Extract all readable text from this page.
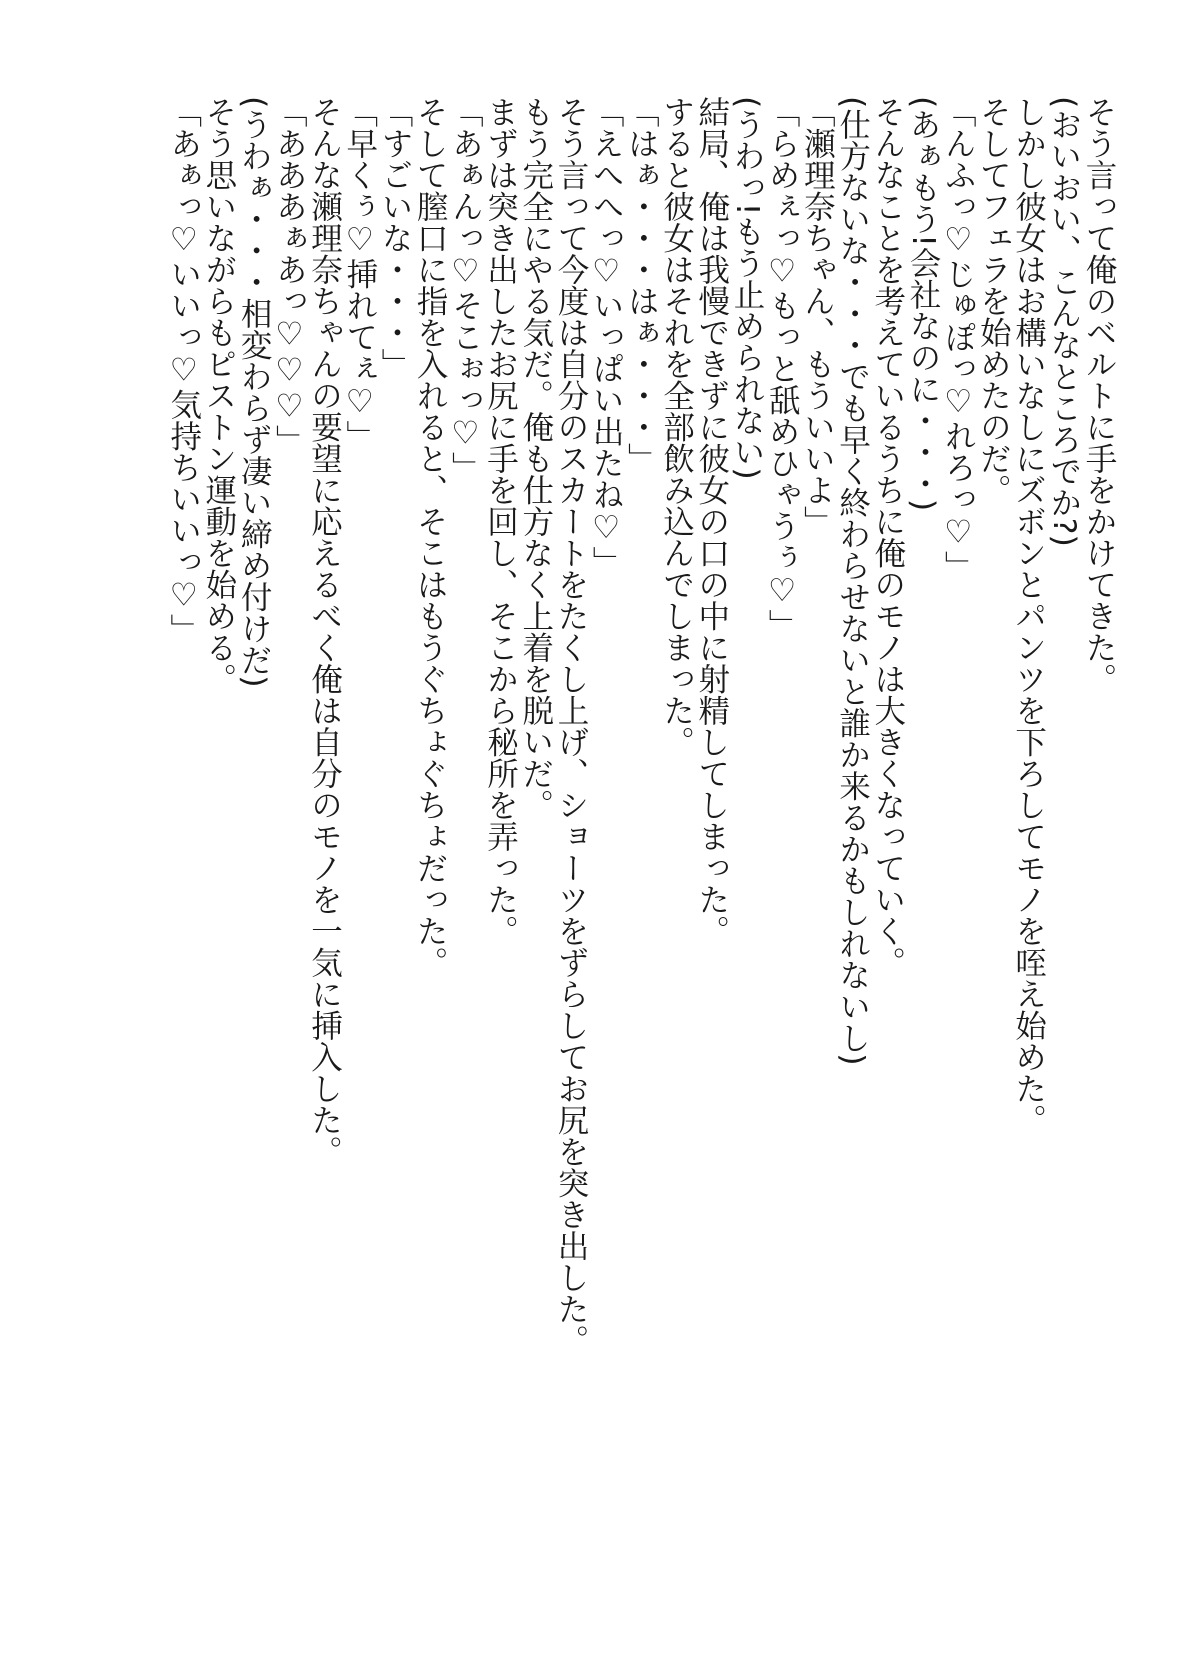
そう言って俺のベルトに手をかけてきた。
(おいおい、こんなところでか?)
しかし彼女はお構いなしにズボンとパンツを下ろしてモノを咥え始めた。
そしてフェラを始めたのだ。
「んふっ♡じゅぽっ♡れろっ♡」
(あぁもう!会社なのに・・・)
そんなことを考えているうちに俺のモノは大きくなっていく。
(仕方ないな・・・でも早く終わらせないと誰か来るかもしれないし)
「瀬理奈ちゃん、もういいよ」
「らめぇっ♡もっと舐めひゃうぅ♡」
(うわっ!もう止められない)
結局、俺は我慢できずに彼女の口の中に射精してしまった。
すると彼女はそれを全部飲み込んでしまった。
「はぁ・・・はぁ・・・」
「えへへっ♡いっぱい出たね♡」
そう言って今度は自分のスカートをたくし上げ、ショーツをずらしてお尻を突き出した。
もう完全にやる気だ。俺も仕方なく上着を脱いだ。
まずは突き出したお尻に手を回し、そこから秘所を弄った。
「あぁんっ♡そこぉっ♡」
そして膣口に指を入れると、そこはもうぐちょぐちょだった。
「すごいな・・・」
「早くぅ♡挿れてぇ♡」
そんな瀬理奈ちゃんの要望に応えるべく俺は自分のモノを一気に挿入した。
「あああぁあっ♡♡♡」
(うわぁ・・・相変わらず凄い締め付けだ)
そう思いながらもピストン運動を始める。
「あぁっ♡いいっ♡気持ちいいっ♡」
